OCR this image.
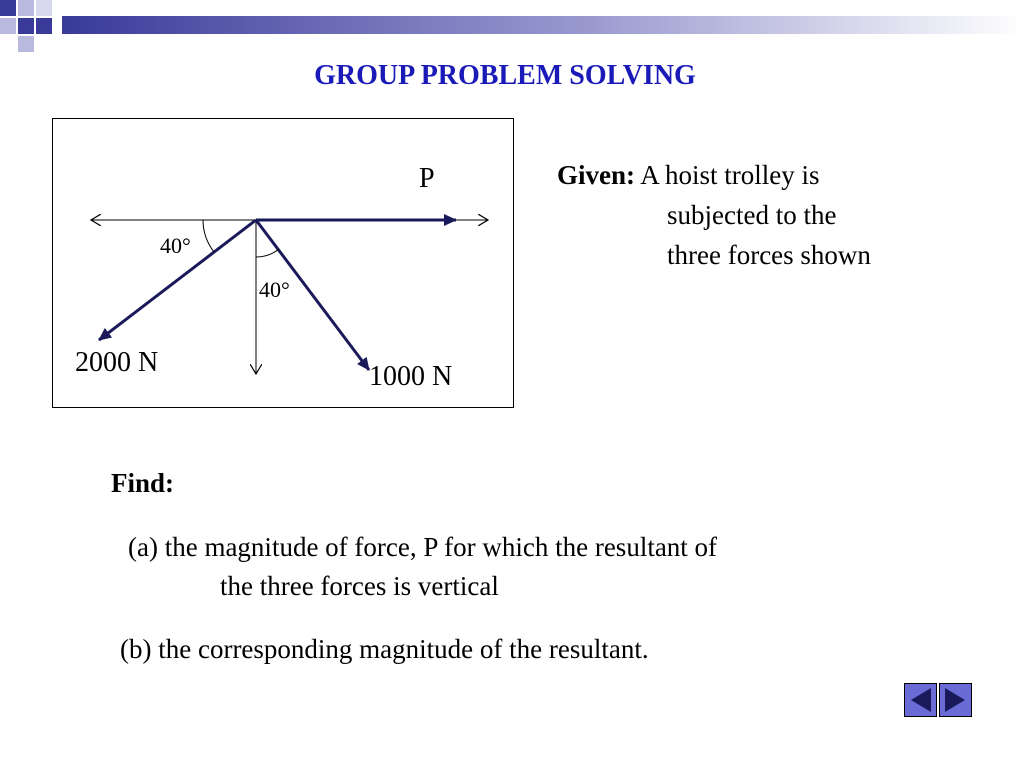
GROUP PROBLEM SOLVING
P
40°
40°
2000 N	1000 N
Given: A hoist trolley is
subjected to the
three forces shown
Find:
(a) the magnitude of force, P for which the resultant of
the three forces is vertical
(b) the corresponding magnitude of the resultant.
